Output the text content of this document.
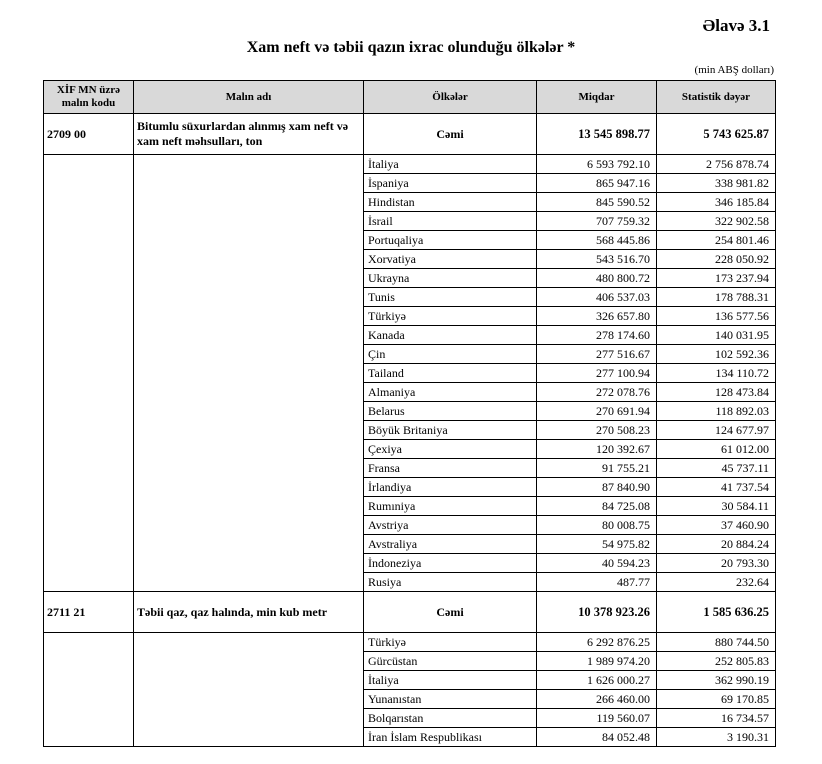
Əlavə 3.1
Xam neft və təbii qazın ixrac olunduğu ölkələr *
(min ABŞ dolları)
XİF MN üzrə malın kodu	Malın adı	Ölkələr	Miqdar	Statistik dəyər
2709 00	Bitumlu süxurlardan alınmış xam neft və xam neft məhsulları, ton	Cəmi	13 545 898.77	5 743 625.87
		İtaliya	6 593 792.10	2 756 878.74
		İspaniya	865 947.16	338 981.82
		Hindistan	845 590.52	346 185.84
		İsrail	707 759.32	322 902.58
		Portuqaliya	568 445.86	254 801.46
		Xorvatiya	543 516.70	228 050.92
		Ukrayna	480 800.72	173 237.94
		Tunis	406 537.03	178 788.31
		Türkiyə	326 657.80	136 577.56
		Kanada	278 174.60	140 031.95
		Çin	277 516.67	102 592.36
		Tailand	277 100.94	134 110.72
		Almaniya	272 078.76	128 473.84
		Belarus	270 691.94	118 892.03
		Böyük Britaniya	270 508.23	124 677.97
		Çexiya	120 392.67	61 012.00
		Fransa	91 755.21	45 737.11
		İrlandiya	87 840.90	41 737.54
		Rumıniya	84 725.08	30 584.11
		Avstriya	80 008.75	37 460.90
		Avstraliya	54 975.82	20 884.24
		İndoneziya	40 594.23	20 793.30
		Rusiya	487.77	232.64
2711 21	Təbii qaz, qaz halında, min kub metr	Cəmi	10 378 923.26	1 585 636.25
		Türkiyə	6 292 876.25	880 744.50
		Gürcüstan	1 989 974.20	252 805.83
		İtaliya	1 626 000.27	362 990.19
		Yunanıstan	266 460.00	69 170.85
		Bolqarıstan	119 560.07	16 734.57
		İran İslam Respublikası	84 052.48	3 190.31
